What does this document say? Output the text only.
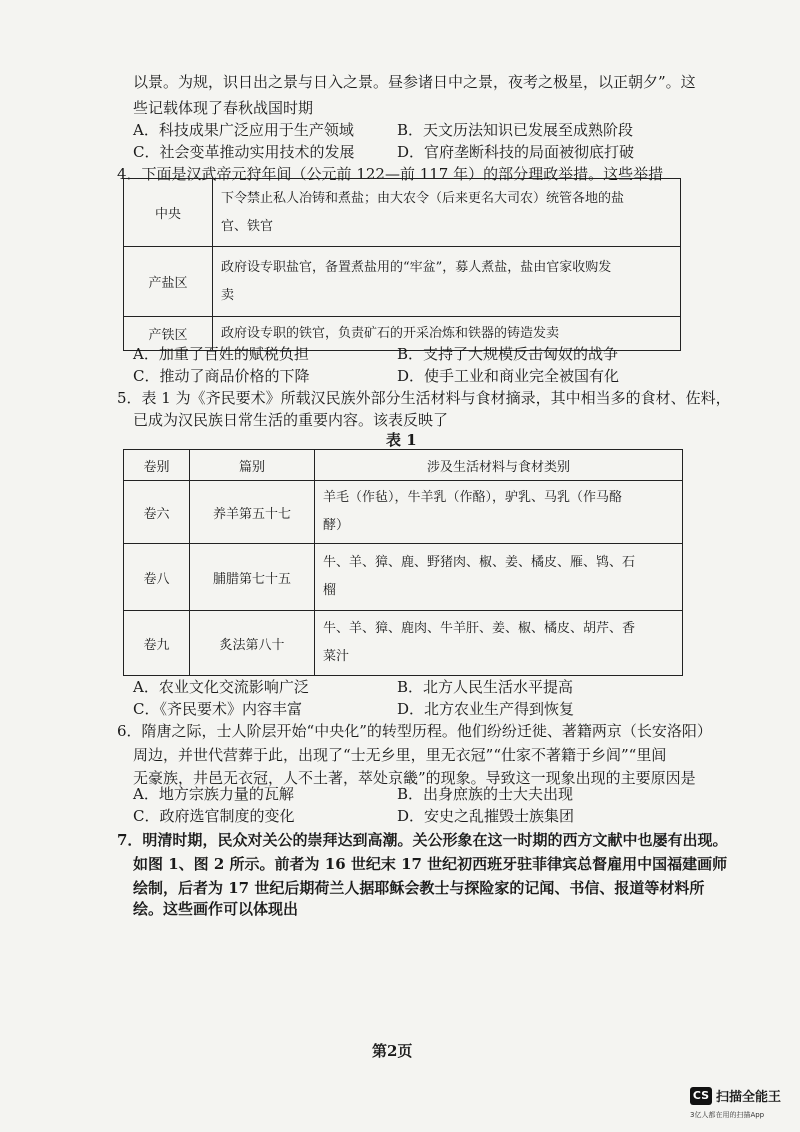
以景。为规，识日出之景与日入之景。昼参诸日中之景，夜考之极星，以正朝夕”。这
些记载体现了春秋战国时期
A．科技成果广泛应用于生产领域	B．天文历法知识已发展至成熟阶段
C．社会变革推动实用技术的发展	D．官府垄断科技的局面被彻底打破
4．下面是汉武帝元狩年间（公元前 122—前 117 年）的部分理政举措。这些举措
中央	下令禁止私人冶铸和煮盐；由大农令（后来更名大司农）统管各地的盐
官、铁官

产盐区	政府设专职盐官，备置煮盐用的“牢盆”，募人煮盐，盐由官家收购发
卖

产铁区	政府设专职的铁官，负责矿石的开采冶炼和铁器的铸造发卖
A．加重了百姓的赋税负担	B．支持了大规模反击匈奴的战争
C．推动了商品价格的下降	D．使手工业和商业完全被国有化
5．表 1 为《齐民要术》所载汉民族外部分生活材料与食材摘录，其中相当多的食材、佐料，
已成为汉民族日常生活的重要内容。该表反映了
表 1
卷别	篇别	涉及生活材料与食材类别
卷六	养羊第五十七	羊毛（作毡），牛羊乳（作酪），驴乳、马乳（作马酪
酵）

卷八	脯腊第七十五	牛、羊、獐、鹿、野猪肉、椒、姜、橘皮、雁、鸨、石
榴

卷九	炙法第八十	牛、羊、獐、鹿肉、牛羊肝、姜、椒、橘皮、胡芹、香
菜汁
A．农业文化交流影响广泛	B．北方人民生活水平提高
C．《齐民要术》内容丰富	D．北方农业生产得到恢复
6．隋唐之际，士人阶层开始“中央化”的转型历程。他们纷纷迁徙、著籍两京（长安洛阳）
周边，并世代营葬于此，出现了“士无乡里，里无衣冠”“仕家不著籍于乡闾”“里闾
无豪族，井邑无衣冠，人不土著，萃处京畿”的现象。导致这一现象出现的主要原因是
A．地方宗族力量的瓦解	B．出身庶族的士大夫出现
C．政府选官制度的变化	D．安史之乱摧毁士族集团
7．明清时期，民众对关公的崇拜达到高潮。关公形象在这一时期的西方文献中也屡有出现。
如图 1、图 2 所示。前者为 16 世纪末 17 世纪初西班牙驻菲律宾总督雇用中国福建画师
绘制，后者为 17 世纪后期荷兰人据耶稣会教士与探险家的记闻、书信、报道等材料所
绘。这些画作可以体现出
第2页
CS 扫描全能王
3亿人都在用的扫描App
